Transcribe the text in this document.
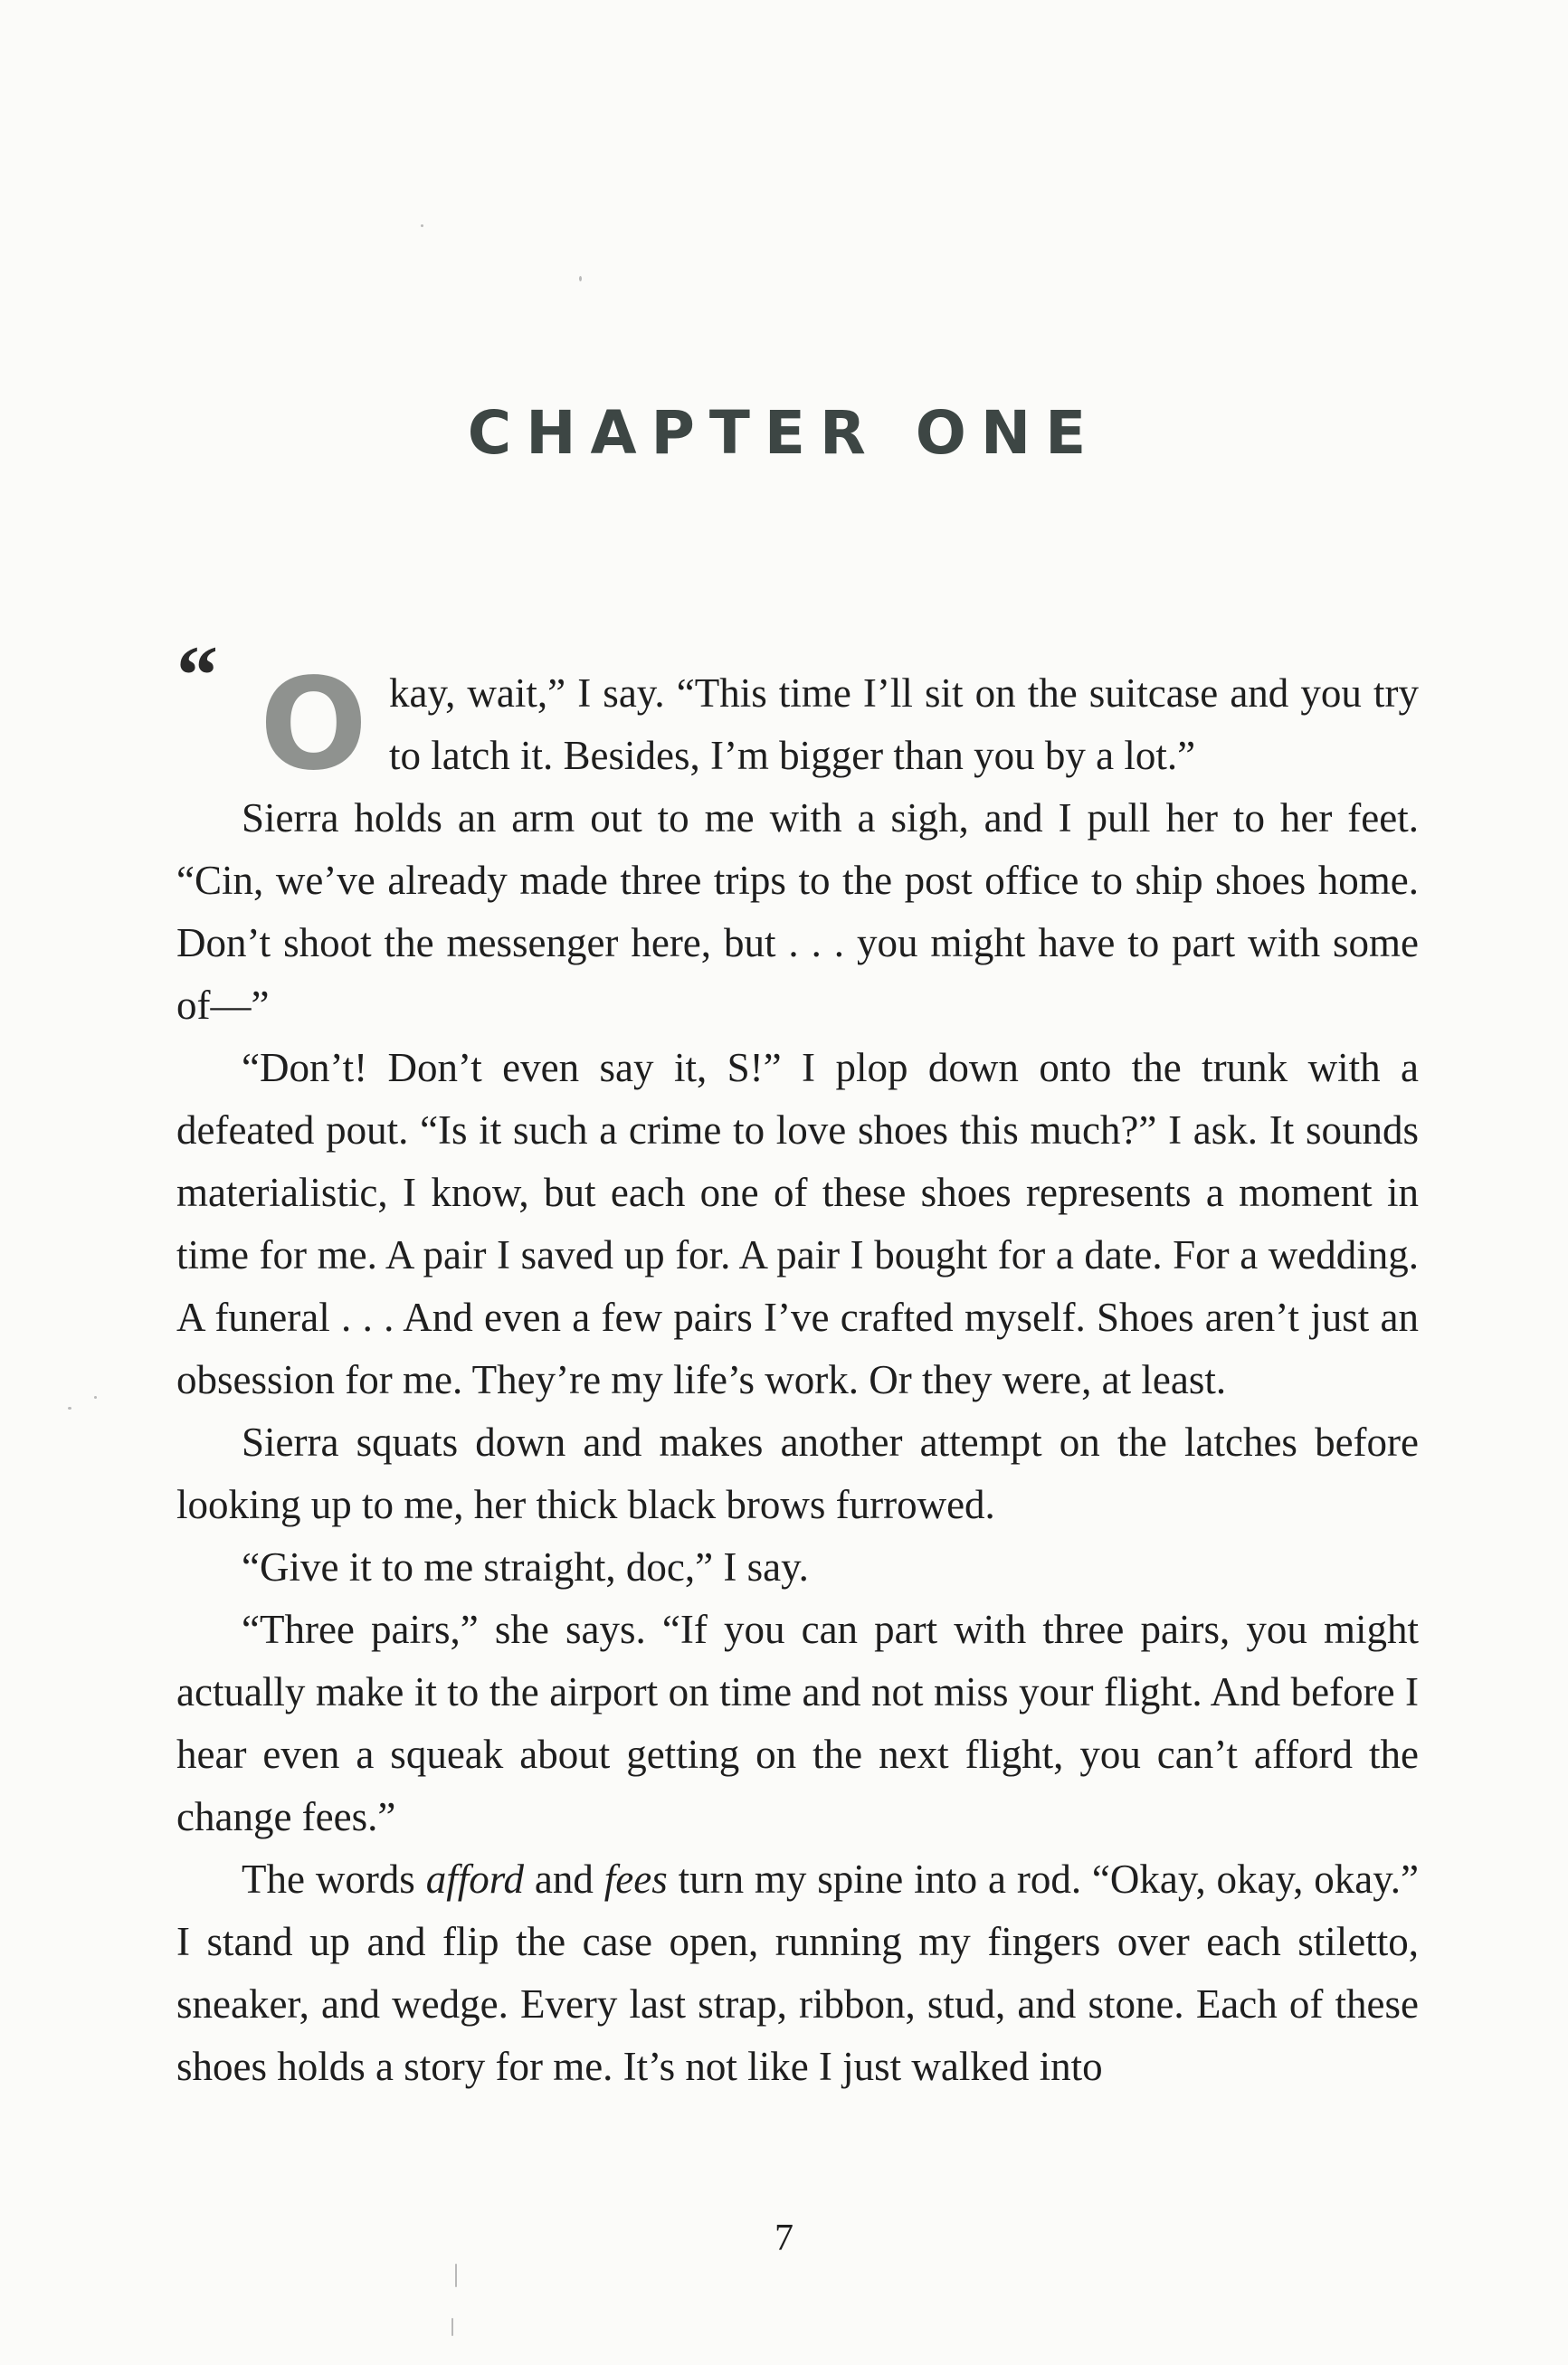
CHAPTER ONE
“ O kay, wait,” I say. “This time I’ll sit on the suitcase and you try to latch it. Besides, I’m bigger than you by a lot.”

Sierra holds an arm out to me with a sigh, and I pull her to her feet. “Cin, we’ve already made three trips to the post office to ship shoes home. Don’t shoot the messenger here, but . . . you might have to part with some of—”

“Don’t! Don’t even say it, S!” I plop down onto the trunk with a defeated pout. “Is it such a crime to love shoes this much?” I ask. It sounds materialistic, I know, but each one of these shoes represents a moment in time for me. A pair I saved up for. A pair I bought for a date. For a wedding. A funeral . . . And even a few pairs I’ve crafted myself. Shoes aren’t just an obsession for me. They’re my life’s work. Or they were, at least.

Sierra squats down and makes another attempt on the latches before looking up to me, her thick black brows furrowed.

“Give it to me straight, doc,” I say.

“Three pairs,” she says. “If you can part with three pairs, you might actually make it to the airport on time and not miss your flight. And before I hear even a squeak about getting on the next flight, you can’t afford the change fees.”

The words afford and fees turn my spine into a rod. “Okay, okay, okay.” I stand up and flip the case open, running my fingers over each stiletto, sneaker, and wedge. Every last strap, ribbon, stud, and stone. Each of these shoes holds a story for me. It’s not like I just walked into

7
